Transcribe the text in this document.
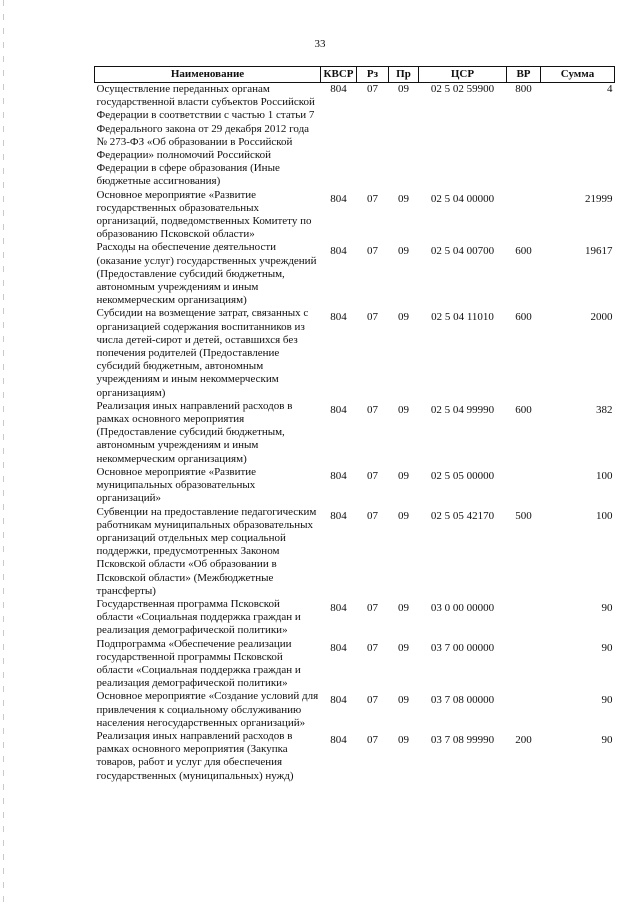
33
Наименование	КВСР	Рз	Пр	ЦСР	ВР	Сумма
Осуществление переданных органам государственной власти субъектов Российской Федерации в соответствии с частью 1 статьи 7 Федерального закона от 29 декабря 2012 года № 273-ФЗ «Об образовании в Российской Федерации» полномочий Российской Федерации в сфере образования (Иные бюджетные ассигнования)	804	07	09	02 5 02 59900	800	4
Основное мероприятие «Развитие государственных образовательных организаций, подведомственных Комитету по образованию Псковской области»	804	07	09	02 5 04 00000		21999
Расходы на обеспечение деятельности (оказание услуг) государственных учреждений (Предоставление субсидий бюджетным, автономным учреждениям и иным некоммерческим организациям)	804	07	09	02 5 04 00700	600	19617
Субсидии на возмещение затрат, связанных с организацией содержания воспитанников из числа детей-сирот и детей, оставшихся без попечения родителей (Предоставление субсидий бюджетным, автономным учреждениям и иным некоммерческим организациям)	804	07	09	02 5 04 11010	600	2000
Реализация иных направлений расходов в рамках основного мероприятия (Предоставление субсидий бюджетным, автономным учреждениям и иным некоммерческим организациям)	804	07	09	02 5 04 99990	600	382
Основное мероприятие «Развитие муниципальных образовательных организаций»	804	07	09	02 5 05 00000		100
Субвенции на предоставление педагогическим работникам муниципальных образовательных организаций отдельных мер социальной поддержки, предусмотренных Законом Псковской области «Об образовании в Псковской области» (Межбюджетные трансферты)	804	07	09	02 5 05 42170	500	100
Государственная программа Псковской области «Социальная поддержка граждан и реализация демографической политики»	804	07	09	03 0 00 00000		90
Подпрограмма «Обеспечение реализации государственной программы Псковской области «Социальная поддержка граждан и реализация демографической политики»	804	07	09	03 7 00 00000		90
Основное мероприятие «Создание условий для привлечения к социальному обслуживанию населения негосударственных организаций»	804	07	09	03 7 08 00000		90
Реализация иных направлений расходов в рамках основного мероприятия (Закупка товаров, работ и услуг для обеспечения государственных (муниципальных) нужд)	804	07	09	03 7 08 99990	200	90
